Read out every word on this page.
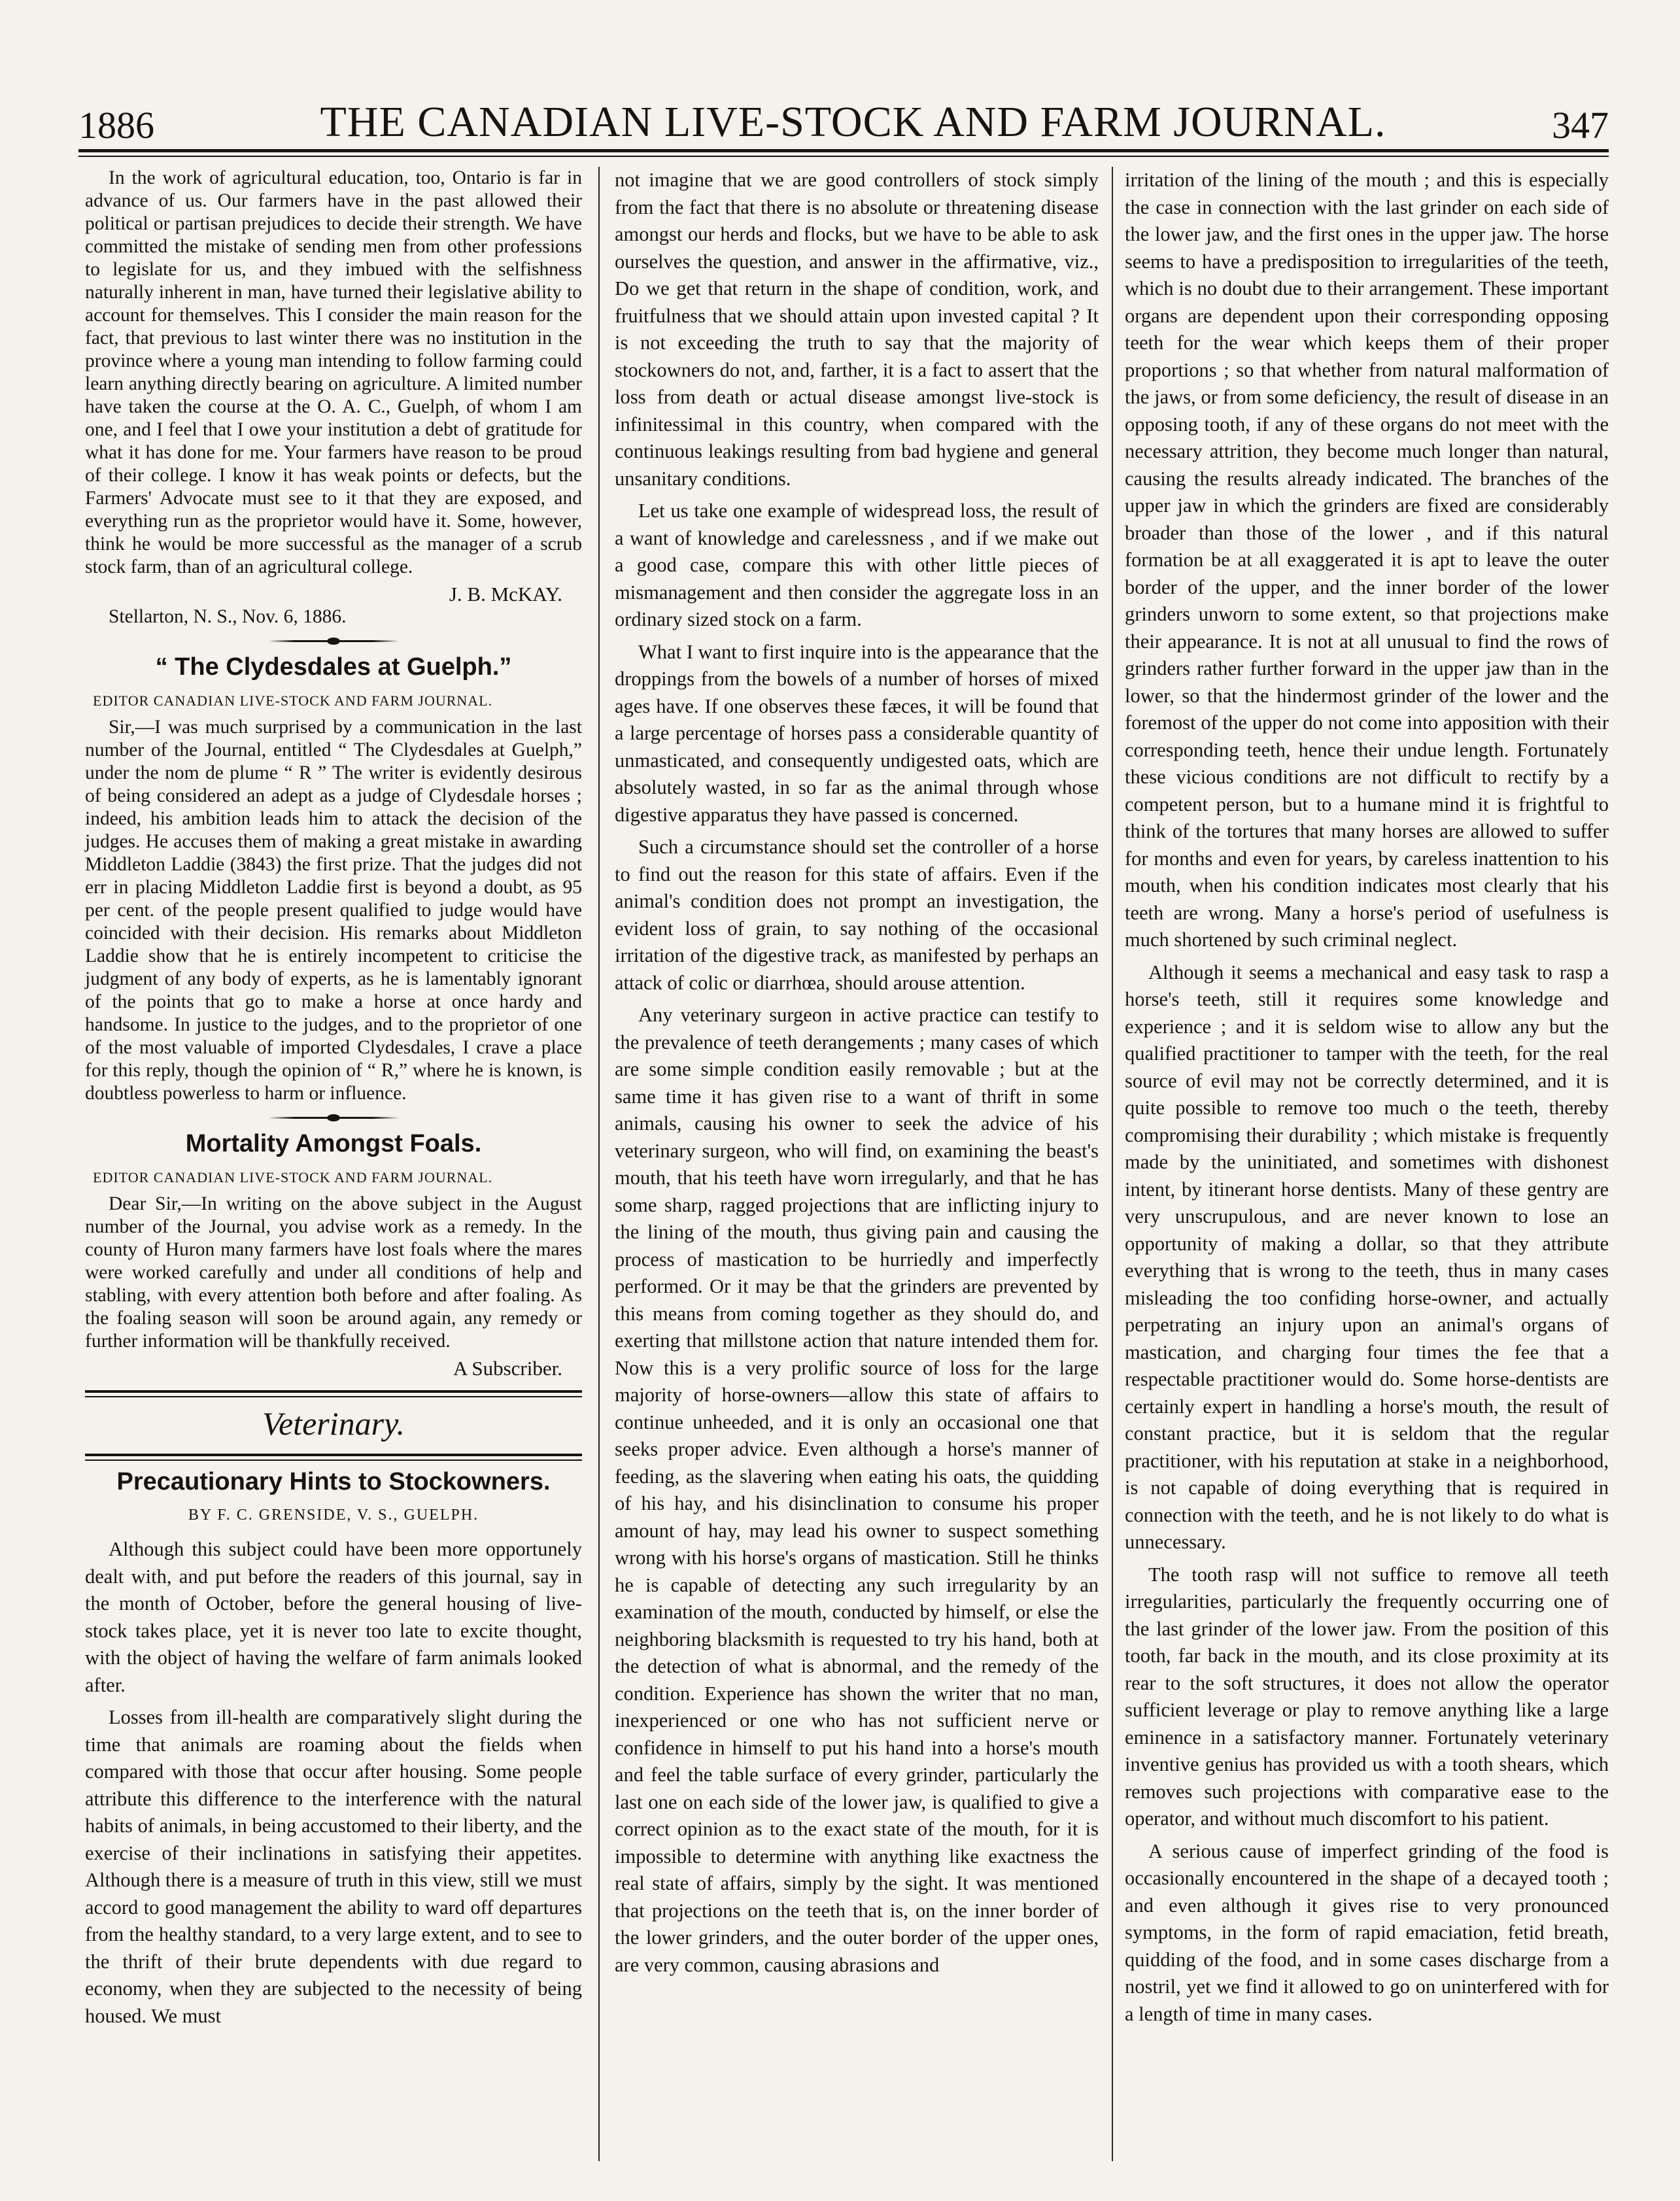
1886	THE CANADIAN LIVE-STOCK AND FARM JOURNAL.	347

In the work of agricultural education, too, Ontario is far in advance of us. Our farmers have in the past allowed their political or partisan prejudices to decide their strength. We have committed the mistake of sending men from other professions to legislate for us, and they imbued with the selfishness naturally inherent in man, have turned their legislative ability to account for themselves. This I consider the main reason for the fact, that previous to last winter there was no institution in the province where a young man intending to follow farming could learn anything directly bearing on agriculture. A limited number have taken the course at the O. A. C., Guelph, of whom I am one, and I feel that I owe your institution a debt of gratitude for what it has done for me. Your farmers have reason to be proud of their college. I know it has weak points or defects, but the Farmers' Advocate must see to it that they are exposed, and everything run as the proprietor would have it. Some, however, think he would be more successful as the manager of a scrub stock farm, than of an agricultural college.

J. B. McKAY.
Stellarton, N. S., Nov. 6, 1886.
“ The Clydesdales at Guelph.”
EDITOR CANADIAN LIVE-STOCK AND FARM JOURNAL.

Sir,—I was much surprised by a communication in the last number of the Journal, entitled “ The Clydesdales at Guelph,” under the nom de plume “ R ” The writer is evidently desirous of being considered an adept as a judge of Clydesdale horses ; indeed, his ambition leads him to attack the decision of the judges. He accuses them of making a great mistake in awarding Middleton Laddie (3843) the first prize. That the judges did not err in placing Middleton Laddie first is beyond a doubt, as 95 per cent. of the people present qualified to judge would have coincided with their decision. His remarks about Middleton Laddie show that he is entirely incompetent to criticise the judgment of any body of experts, as he is lamentably ignorant of the points that go to make a horse at once hardy and handsome. In justice to the judges, and to the proprietor of one of the most valuable of imported Clydesdales, I crave a place for this reply, though the opinion of “ R,” where he is known, is doubtless powerless to harm or influence.

Mortality Amongst Foals.
EDITOR CANADIAN LIVE-STOCK AND FARM JOURNAL.

Dear Sir,—In writing on the above subject in the August number of the Journal, you advise work as a remedy. In the county of Huron many farmers have lost foals where the mares were worked carefully and under all conditions of help and stabling, with every attention both before and after foaling. As the foaling season will soon be around again, any remedy or further information will be thankfully received.

A Subscriber.
Veterinary.
Precautionary Hints to Stockowners.
BY F. C. GRENSIDE, V. S., GUELPH.

Although this subject could have been more opportunely dealt with, and put before the readers of this journal, say in the month of October, before the general housing of live-stock takes place, yet it is never too late to excite thought, with the object of having the welfare of farm animals looked after.

Losses from ill-health are comparatively slight during the time that animals are roaming about the fields when compared with those that occur after housing. Some people attribute this difference to the interference with the natural habits of animals, in being accustomed to their liberty, and the exercise of their inclinations in satisfying their appetites. Although there is a measure of truth in this view, still we must accord to good management the ability to ward off departures from the healthy standard, to a very large extent, and to see to the thrift of their brute dependents with due regard to economy, when they are subjected to the necessity of being housed. We must

not imagine that we are good controllers of stock simply from the fact that there is no absolute or threatening disease amongst our herds and flocks, but we have to be able to ask ourselves the question, and answer in the affirmative, viz., Do we get that return in the shape of condition, work, and fruitfulness that we should attain upon invested capital ? It is not exceeding the truth to say that the majority of stockowners do not, and, farther, it is a fact to assert that the loss from death or actual disease amongst live-stock is infinitessimal in this country, when compared with the continuous leakings resulting from bad hygiene and general unsanitary conditions.

Let us take one example of widespread loss, the result of a want of knowledge and carelessness , and if we make out a good case, compare this with other little pieces of mismanagement and then consider the aggregate loss in an ordinary sized stock on a farm.

What I want to first inquire into is the appearance that the droppings from the bowels of a number of horses of mixed ages have. If one observes these fæces, it will be found that a large percentage of horses pass a considerable quantity of unmasticated, and consequently undigested oats, which are absolutely wasted, in so far as the animal through whose digestive apparatus they have passed is concerned.

Such a circumstance should set the controller of a horse to find out the reason for this state of affairs. Even if the animal's condition does not prompt an investigation, the evident loss of grain, to say nothing of the occasional irritation of the digestive track, as manifested by perhaps an attack of colic or diarrhœa, should arouse attention.

Any veterinary surgeon in active practice can testify to the prevalence of teeth derangements ; many cases of which are some simple condition easily removable ; but at the same time it has given rise to a want of thrift in some animals, causing his owner to seek the advice of his veterinary surgeon, who will find, on examining the beast's mouth, that his teeth have worn irregularly, and that he has some sharp, ragged projections that are inflicting injury to the lining of the mouth, thus giving pain and causing the process of mastication to be hurriedly and imperfectly performed. Or it may be that the grinders are prevented by this means from coming together as they should do, and exerting that millstone action that nature intended them for. Now this is a very prolific source of loss for the large majority of horse-owners—allow this state of affairs to continue unheeded, and it is only an occasional one that seeks proper advice. Even although a horse's manner of feeding, as the slavering when eating his oats, the quidding of his hay, and his disinclination to consume his proper amount of hay, may lead his owner to suspect something wrong with his horse's organs of mastication. Still he thinks he is capable of detecting any such irregularity by an examination of the mouth, conducted by himself, or else the neighboring blacksmith is requested to try his hand, both at the detection of what is abnormal, and the remedy of the condition. Experience has shown the writer that no man, inexperienced or one who has not sufficient nerve or confidence in himself to put his hand into a horse's mouth and feel the table surface of every grinder, particularly the last one on each side of the lower jaw, is qualified to give a correct opinion as to the exact state of the mouth, for it is impossible to determine with anything like exactness the real state of affairs, simply by the sight. It was mentioned that projections on the teeth that is, on the inner border of the lower grinders, and the outer border of the upper ones, are very common, causing abrasions and

irritation of the lining of the mouth ; and this is especially the case in connection with the last grinder on each side of the lower jaw, and the first ones in the upper jaw. The horse seems to have a predisposition to irregularities of the teeth, which is no doubt due to their arrangement. These important organs are dependent upon their corresponding opposing teeth for the wear which keeps them of their proper proportions ; so that whether from natural malformation of the jaws, or from some deficiency, the result of disease in an opposing tooth, if any of these organs do not meet with the necessary attrition, they become much longer than natural, causing the results already indicated. The branches of the upper jaw in which the grinders are fixed are considerably broader than those of the lower , and if this natural formation be at all exaggerated it is apt to leave the outer border of the upper, and the inner border of the lower grinders unworn to some extent, so that projections make their appearance. It is not at all unusual to find the rows of grinders rather further forward in the upper jaw than in the lower, so that the hindermost grinder of the lower and the foremost of the upper do not come into apposition with their corresponding teeth, hence their undue length. Fortunately these vicious conditions are not difficult to rectify by a competent person, but to a humane mind it is frightful to think of the tortures that many horses are allowed to suffer for months and even for years, by careless inattention to his mouth, when his condition indicates most clearly that his teeth are wrong. Many a horse's period of usefulness is much shortened by such criminal neglect.

Although it seems a mechanical and easy task to rasp a horse's teeth, still it requires some knowledge and experience ; and it is seldom wise to allow any but the qualified practitioner to tamper with the teeth, for the real source of evil may not be correctly determined, and it is quite possible to remove too much o the teeth, thereby compromising their durability ; which mistake is frequently made by the uninitiated, and sometimes with dishonest intent, by itinerant horse dentists. Many of these gentry are very unscrupulous, and are never known to lose an opportunity of making a dollar, so that they attribute everything that is wrong to the teeth, thus in many cases misleading the too confiding horse-owner, and actually perpetrating an injury upon an animal's organs of mastication, and charging four times the fee that a respectable practitioner would do. Some horse-dentists are certainly expert in handling a horse's mouth, the result of constant practice, but it is seldom that the regular practitioner, with his reputation at stake in a neighborhood, is not capable of doing everything that is required in connection with the teeth, and he is not likely to do what is unnecessary.

The tooth rasp will not suffice to remove all teeth irregularities, particularly the frequently occurring one of the last grinder of the lower jaw. From the position of this tooth, far back in the mouth, and its close proximity at its rear to the soft structures, it does not allow the operator sufficient leverage or play to remove anything like a large eminence in a satisfactory manner. Fortunately veterinary inventive genius has provided us with a tooth shears, which removes such projections with comparative ease to the operator, and without much discomfort to his patient.

A serious cause of imperfect grinding of the food is occasionally encountered in the shape of a decayed tooth ; and even although it gives rise to very pronounced symptoms, in the form of rapid emaciation, fetid breath, quidding of the food, and in some cases discharge from a nostril, yet we find it allowed to go on uninterfered with for a length of time in many cases.
